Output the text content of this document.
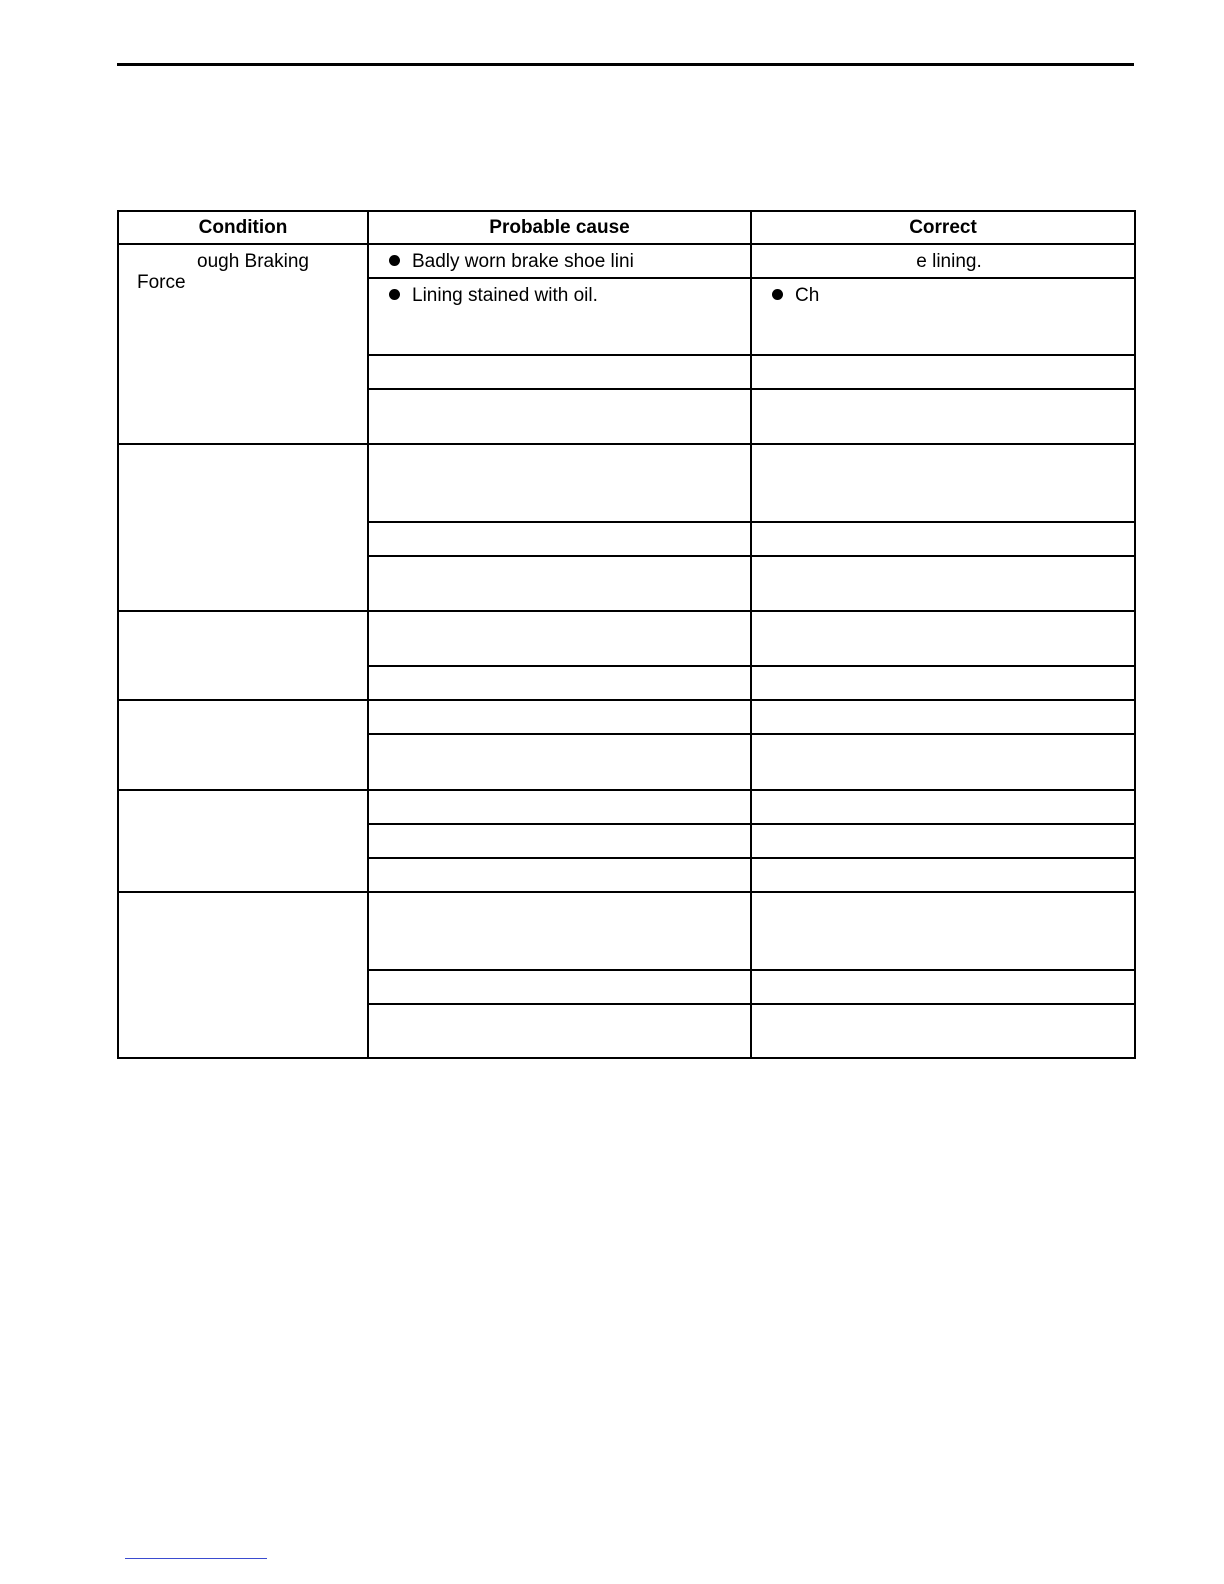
Condition	Probable cause	Correct

ough Braking
Force	Badly worn brake shoe lini	e lining.
	Lining stained with oil.	Ch
